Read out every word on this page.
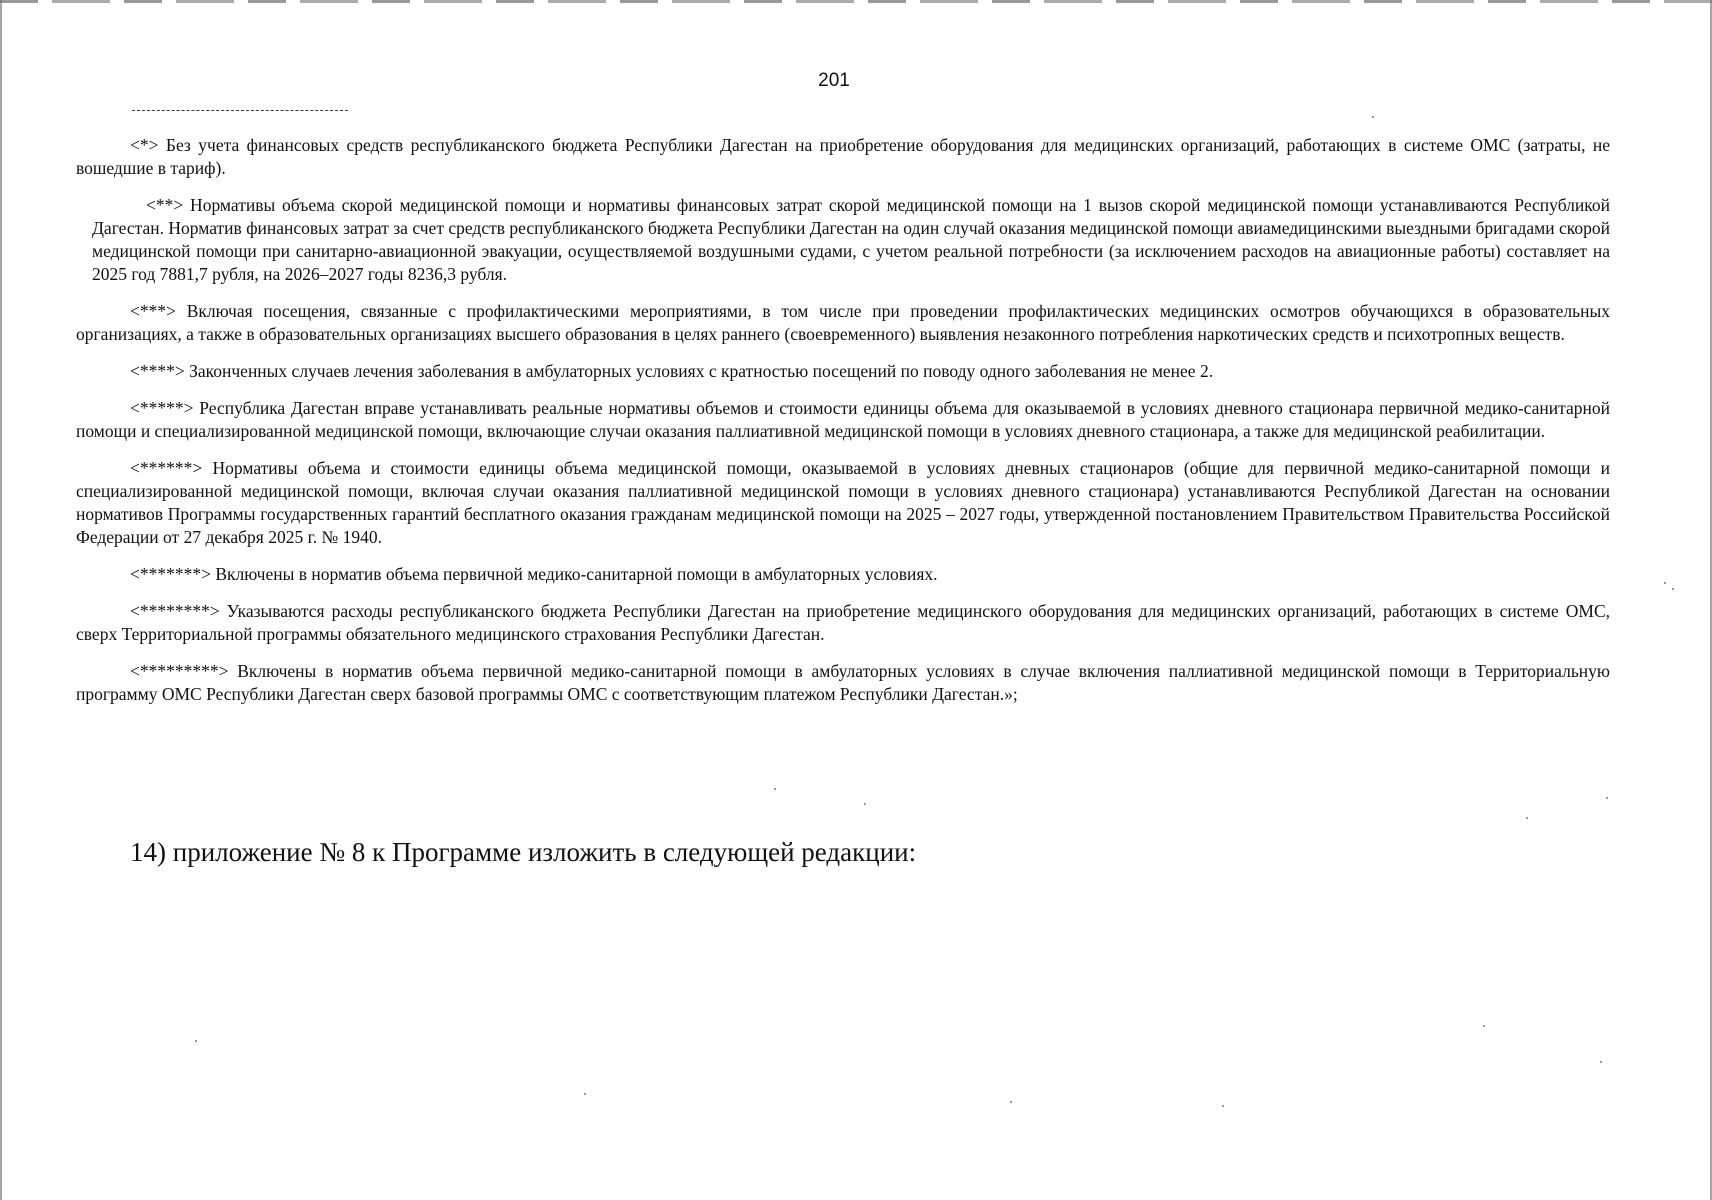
201

<*> Без учета финансовых средств республиканского бюджета Республики Дагестан на приобретение оборудования для медицинских организаций, работающих в системе ОМС (затраты, не вошедшие в тариф).

<**> Нормативы объема скорой медицинской помощи и нормативы финансовых затрат скорой медицинской помощи на 1 вызов скорой медицинской помощи устанавливаются Республикой Дагестан. Норматив финансовых затрат за счет средств республиканского бюджета Республики Дагестан на один случай оказания медицинской помощи авиамедицинскими выездными бригадами скорой медицинской помощи при санитарно-авиационной эвакуации, осуществляемой воздушными судами, с учетом реальной потребности (за исключением расходов на авиационные работы) составляет на 2025 год 7881,7 рубля, на 2026–2027 годы 8236,3 рубля.

<***> Включая посещения, связанные с профилактическими мероприятиями, в том числе при проведении профилактических медицинских осмотров обучающихся в образовательных организациях, а также в образовательных организациях высшего образования в целях раннего (своевременного) выявления незаконного потребления наркотических средств и психотропных веществ.

<****> Законченных случаев лечения заболевания в амбулаторных условиях с кратностью посещений по поводу одного заболевания не менее 2.

<*****> Республика Дагестан вправе устанавливать реальные нормативы объемов и стоимости единицы объема для оказываемой в условиях дневного стационара первичной медико-санитарной помощи и специализированной медицинской помощи, включающие случаи оказания паллиативной медицинской помощи в условиях дневного стационара, а также для медицинской реабилитации.

<******> Нормативы объема и стоимости единицы объема медицинской помощи, оказываемой в условиях дневных стационаров (общие для первичной медико-санитарной помощи и специализированной медицинской помощи, включая случаи оказания паллиативной медицинской помощи в условиях дневного стационара) устанавливаются Республикой Дагестан на основании нормативов Программы государственных гарантий бесплатного оказания гражданам медицинской помощи на 2025 – 2027 годы, утвержденной постановлением Правительством Правительства Российской Федерации от 27 декабря 2025 г. № 1940.

<*******> Включены в норматив объема первичной медико-санитарной помощи в амбулаторных условиях.

<********> Указываются расходы республиканского бюджета Республики Дагестан на приобретение медицинского оборудования для медицинских организаций, работающих в системе ОМС, сверх Территориальной программы обязательного медицинского страхования Республики Дагестан.

<*********> Включены в норматив объема первичной медико-санитарной помощи в амбулаторных условиях в случае включения паллиативной медицинской помощи в Территориальную программу ОМС Республики Дагестан сверх базовой программы ОМС с соответствующим платежом Республики Дагестан.»;

14) приложение № 8 к Программе изложить в следующей редакции:
